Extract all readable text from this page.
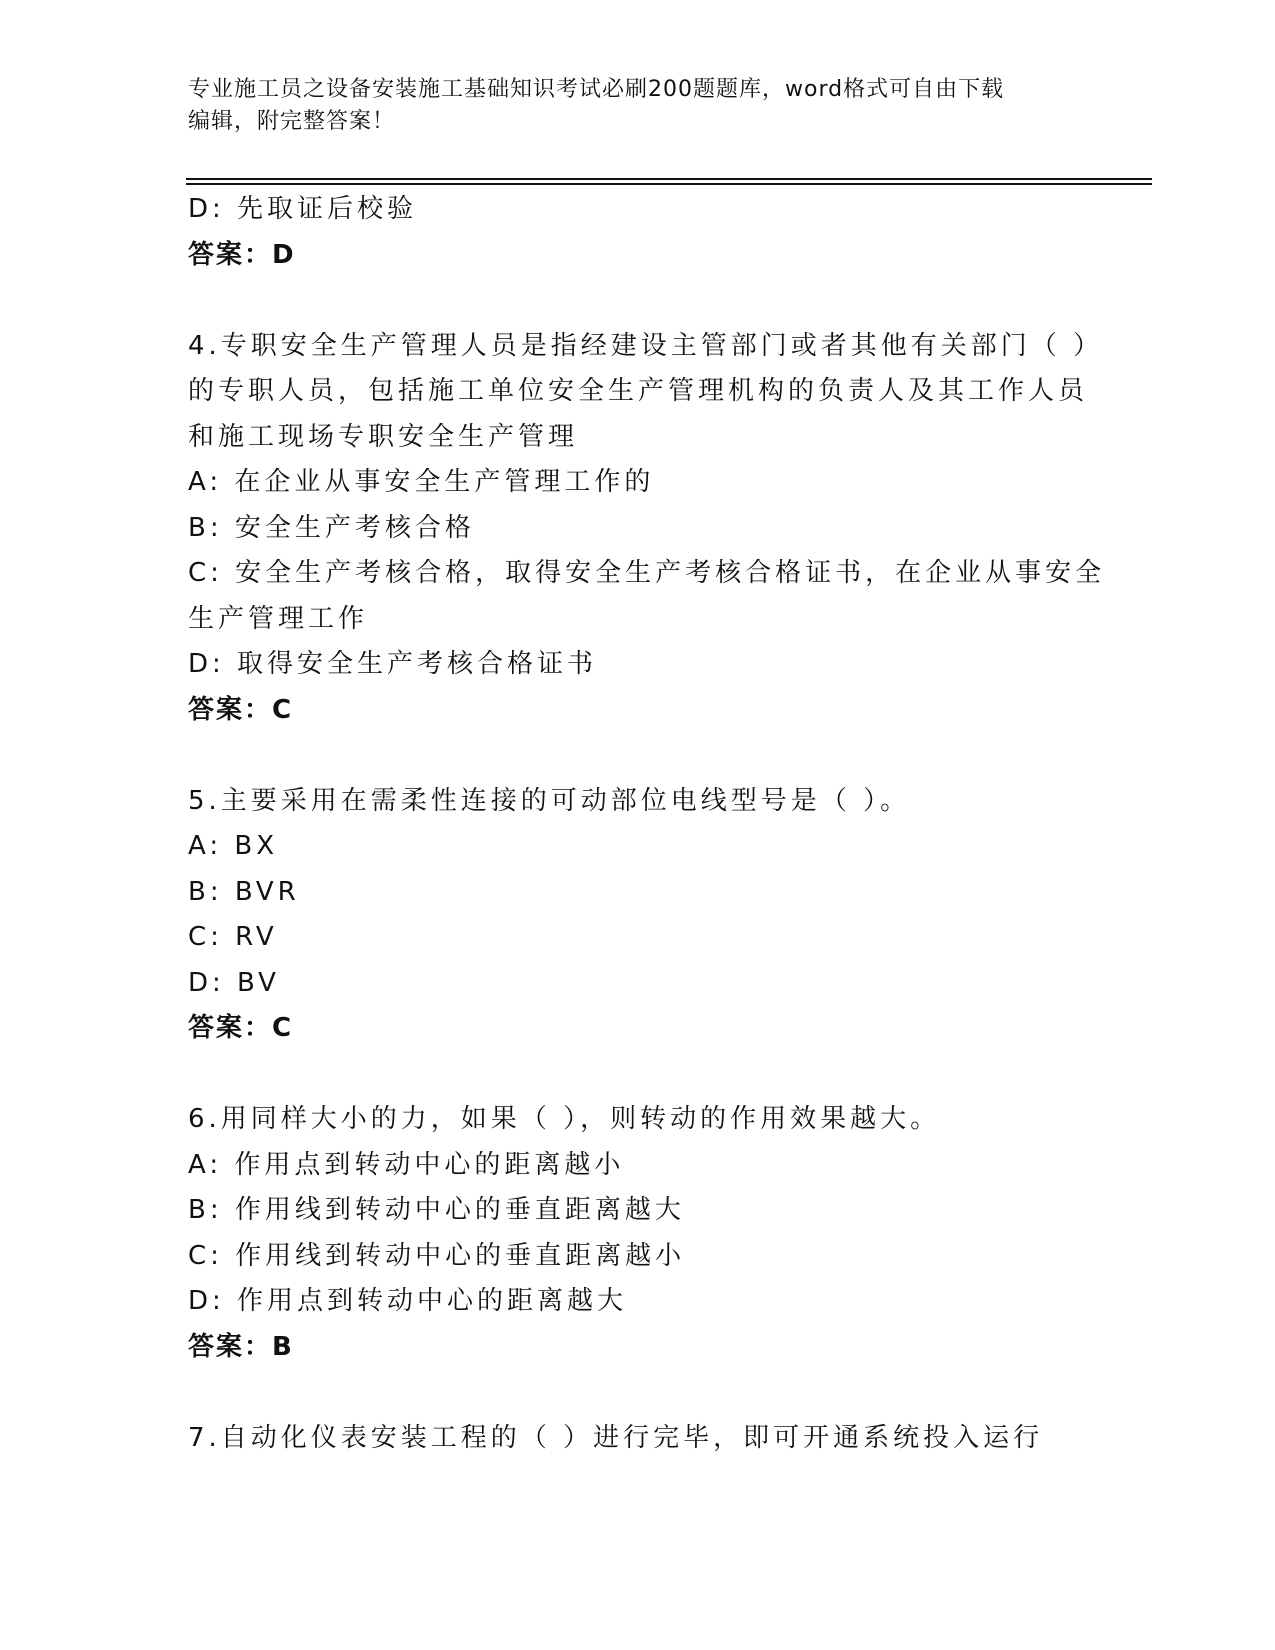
专业施工员之设备安装施工基础知识考试必刷200题题库，word格式可自由下载
编辑，附完整答案！
D: 先取证后校验
答案：D
4.专职安全生产管理人员是指经建设主管部门或者其他有关部门（ ）
的专职人员，包括施工单位安全生产管理机构的负责人及其工作人员
和施工现场专职安全生产管理
A: 在企业从事安全生产管理工作的
B: 安全生产考核合格
C: 安全生产考核合格，取得安全生产考核合格证书，在企业从事安全
生产管理工作
D: 取得安全生产考核合格证书
答案：C
5.主要采用在需柔性连接的可动部位电线型号是（ ）。
A: BX
B: BVR
C: RV
D: BV
答案：C
6.用同样大小的力，如果（ ），则转动的作用效果越大。
A: 作用点到转动中心的距离越小
B: 作用线到转动中心的垂直距离越大
C: 作用线到转动中心的垂直距离越小
D: 作用点到转动中心的距离越大
答案：B
7.自动化仪表安装工程的（ ）进行完毕，即可开通系统投入运行
